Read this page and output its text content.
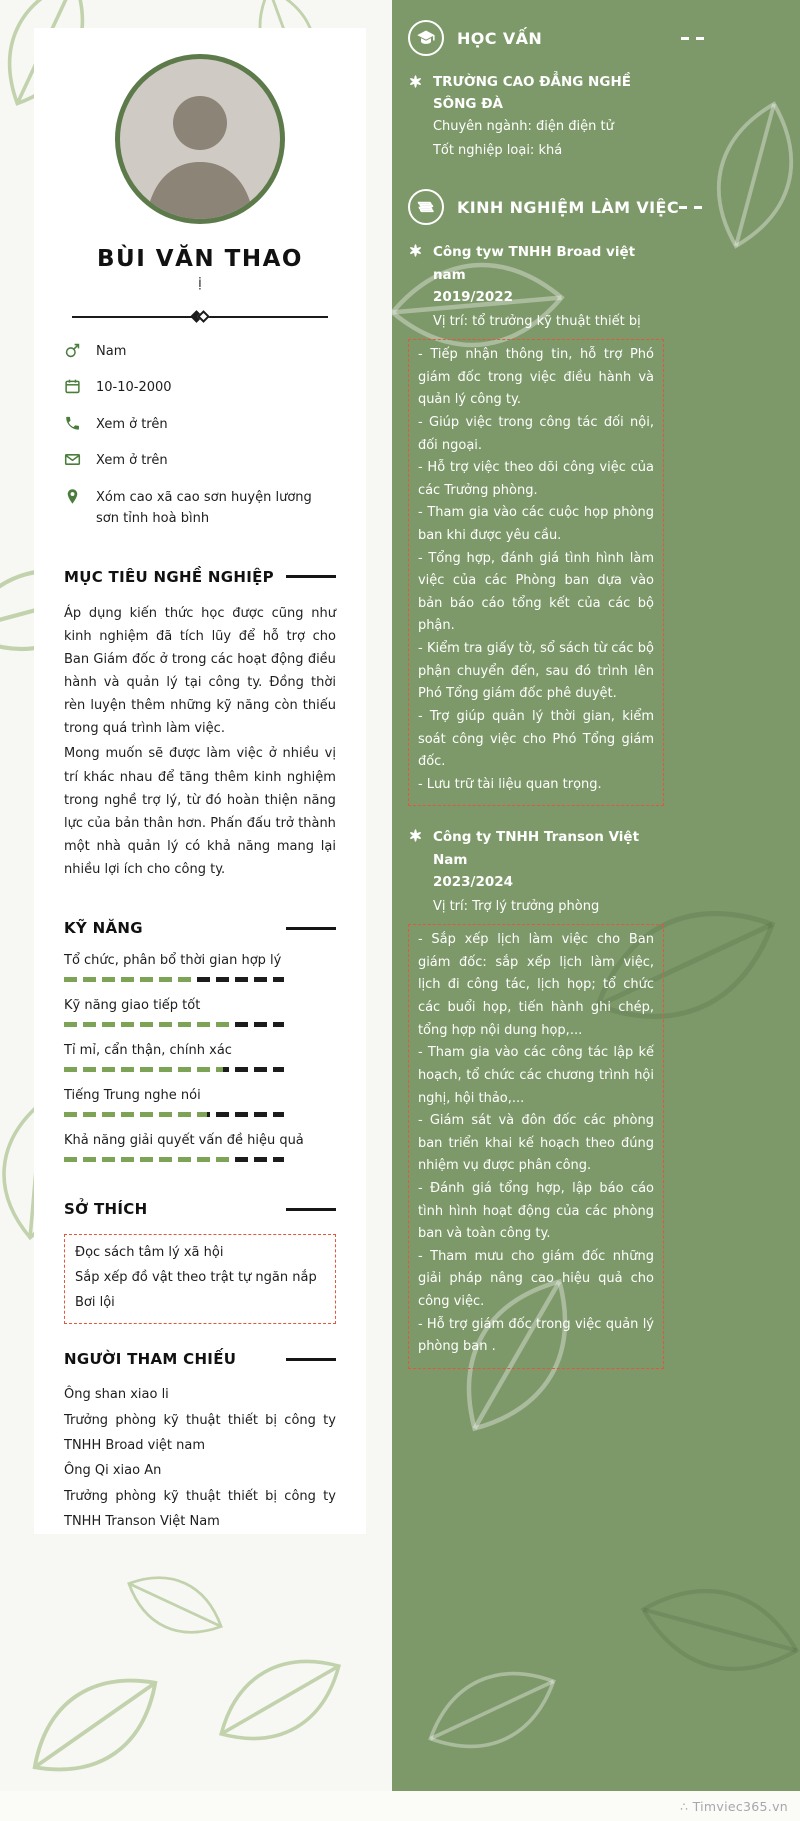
BÙI VĂN THAO
ị
Nam
10-10-2000
Xem ở trên
Xem ở trên
Xóm cao xã cao sơn huyện lương sơn tỉnh hoà bình
MỤC TIÊU NGHỀ NGHIỆP

Áp dụng kiến thức học được cũng như kinh nghiệm đã tích lũy để hỗ trợ cho Ban Giám đốc ở trong các hoạt động điều hành và quản lý tại công ty. Đồng thời rèn luyện thêm những kỹ năng còn thiếu trong quá trình làm việc.

Mong muốn sẽ được làm việc ở nhiều vị trí khác nhau để tăng thêm kinh nghiệm trong nghề trợ lý, từ đó hoàn thiện năng lực của bản thân hơn. Phấn đấu trở thành một nhà quản lý có khả năng mang lại nhiều lợi ích cho công ty.

KỸ NĂNG
Tổ chức, phân bổ thời gian hợp lý
Kỹ năng giao tiếp tốt
Tỉ mỉ, cẩn thận, chính xác
Tiếng Trung nghe nói
Khả năng giải quyết vấn đề hiệu quả
SỞ THÍCH
Đọc sách tâm lý xã hội
Sắp xếp đồ vật theo trật tự ngăn nắp
Bơi lội
NGƯỜI THAM CHIẾU
Ông shan xiao li
Trưởng phòng kỹ thuật thiết bị công ty TNHH Broad việt nam
Ông Qi xiao An
Trưởng phòng kỹ thuật thiết bị công ty TNHH Transon Việt Nam
HỌC VẤN
TRƯỜNG CAO ĐẲNG NGHỀ SÔNG ĐÀ
Chuyên ngành: điện điện tử
Tốt nghiệp loại: khá
KINH NGHIỆM LÀM VIỆC
Công tyw TNHH Broad việt nam
2019/2022
Vị trí: tổ trưởng kỹ thuật thiết bị
- Tiếp nhận thông tin, hỗ trợ Phó giám đốc trong việc điều hành và quản lý công ty.
- Giúp việc trong công tác đối nội, đối ngoại.
- Hỗ trợ việc theo dõi công việc của các Trưởng phòng.
- Tham gia vào các cuộc họp phòng ban khi được yêu cầu.
- Tổng hợp, đánh giá tình hình làm việc của các Phòng ban dựa vào bản báo cáo tổng kết của các bộ phận.
- Kiểm tra giấy tờ, sổ sách từ các bộ phận chuyển đến, sau đó trình lên Phó Tổng giám đốc phê duyệt.
- Trợ giúp quản lý thời gian, kiểm soát công việc cho Phó Tổng giám đốc.
- Lưu trữ tài liệu quan trọng.
Công ty TNHH Transon Việt Nam
2023/2024
Vị trí: Trợ lý trưởng phòng
- Sắp xếp lịch làm việc cho Ban giám đốc: sắp xếp lịch làm việc, lịch đi công tác, lịch họp; tổ chức các buổi họp, tiến hành ghi chép, tổng hợp nội dung họp,...
- Tham gia vào các công tác lập kế hoạch, tổ chức các chương trình hội nghị, hội thảo,...
- Giám sát và đôn đốc các phòng ban triển khai kế hoạch theo đúng nhiệm vụ được phân công.
- Đánh giá tổng hợp, lập báo cáo tình hình hoạt động của các phòng ban và toàn công ty.
- Tham mưu cho giám đốc những giải pháp nâng cao hiệu quả cho công việc.
- Hỗ trợ giám đốc trong việc quản lý phòng ban .
∴ Timviec365.vn
